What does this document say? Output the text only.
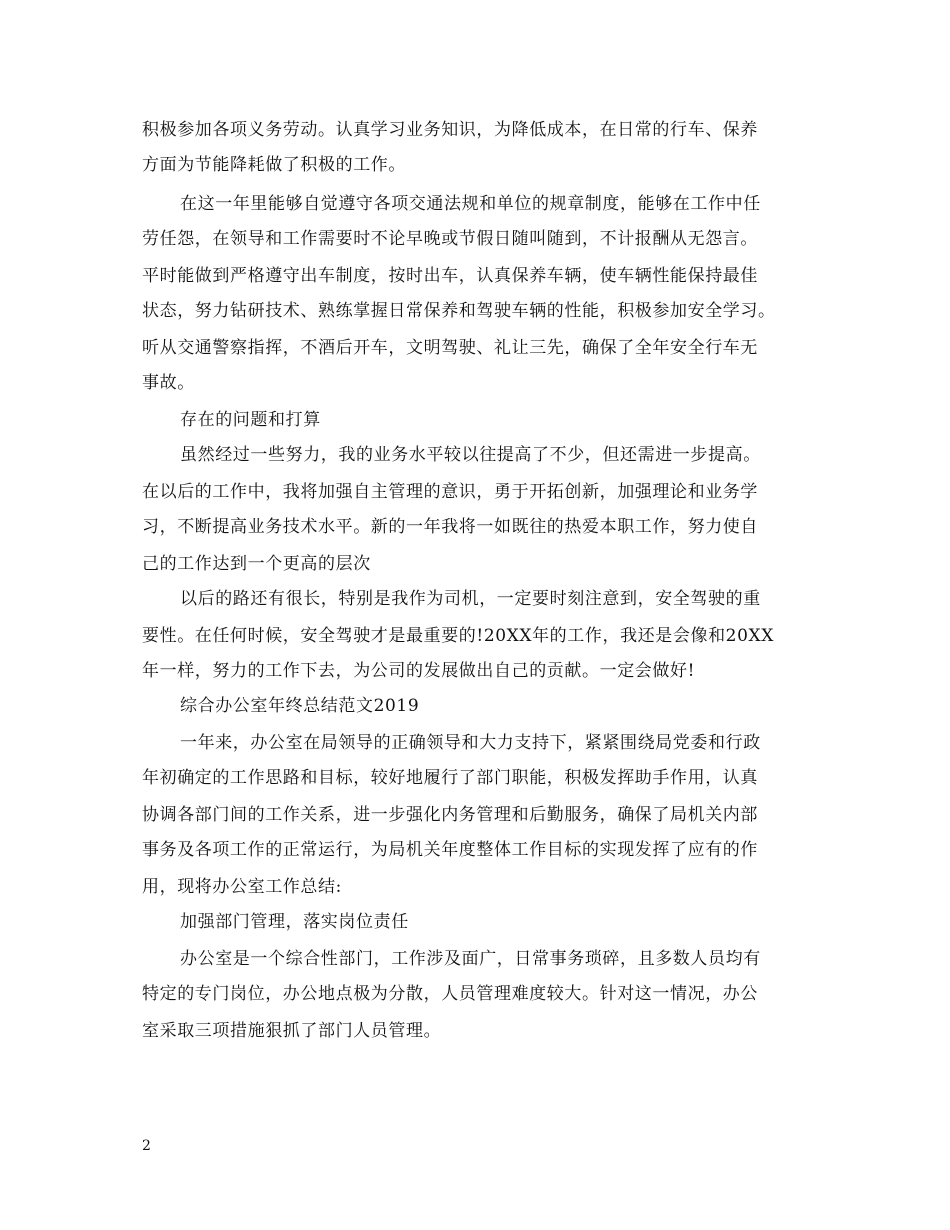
积极参加各项义务劳动。认真学习业务知识，为降低成本，在日常的行车、保养
方面为节能降耗做了积极的工作。
在这一年里能够自觉遵守各项交通法规和单位的规章制度，能够在工作中任
劳任怨，在领导和工作需要时不论早晚或节假日随叫随到，不计报酬从无怨言。
平时能做到严格遵守出车制度，按时出车，认真保养车辆，使车辆性能保持最佳
状态，努力钻研技术、熟练掌握日常保养和驾驶车辆的性能，积极参加安全学习。
听从交通警察指挥，不酒后开车，文明驾驶、礼让三先，确保了全年安全行车无
事故。
存在的问题和打算
虽然经过一些努力，我的业务水平较以往提高了不少，但还需进一步提高。
在以后的工作中，我将加强自主管理的意识，勇于开拓创新，加强理论和业务学
习，不断提高业务技术水平。新的一年我将一如既往的热爱本职工作，努力使自
己的工作达到一个更高的层次
以后的路还有很长，特别是我作为司机，一定要时刻注意到，安全驾驶的重
要性。在任何时候，安全驾驶才是最重要的!20XX年的工作，我还是会像和20XX
年一样，努力的工作下去，为公司的发展做出自己的贡献。一定会做好!
综合办公室年终总结范文2019
一年来，办公室在局领导的正确领导和大力支持下，紧紧围绕局党委和行政
年初确定的工作思路和目标，较好地履行了部门职能，积极发挥助手作用，认真
协调各部门间的工作关系，进一步强化内务管理和后勤服务，确保了局机关内部
事务及各项工作的正常运行，为局机关年度整体工作目标的实现发挥了应有的作
用，现将办公室工作总结:
加强部门管理，落实岗位责任
办公室是一个综合性部门，工作涉及面广，日常事务琐碎，且多数人员均有
特定的专门岗位，办公地点极为分散，人员管理难度较大。针对这一情况，办公
室采取三项措施狠抓了部门人员管理。
2
